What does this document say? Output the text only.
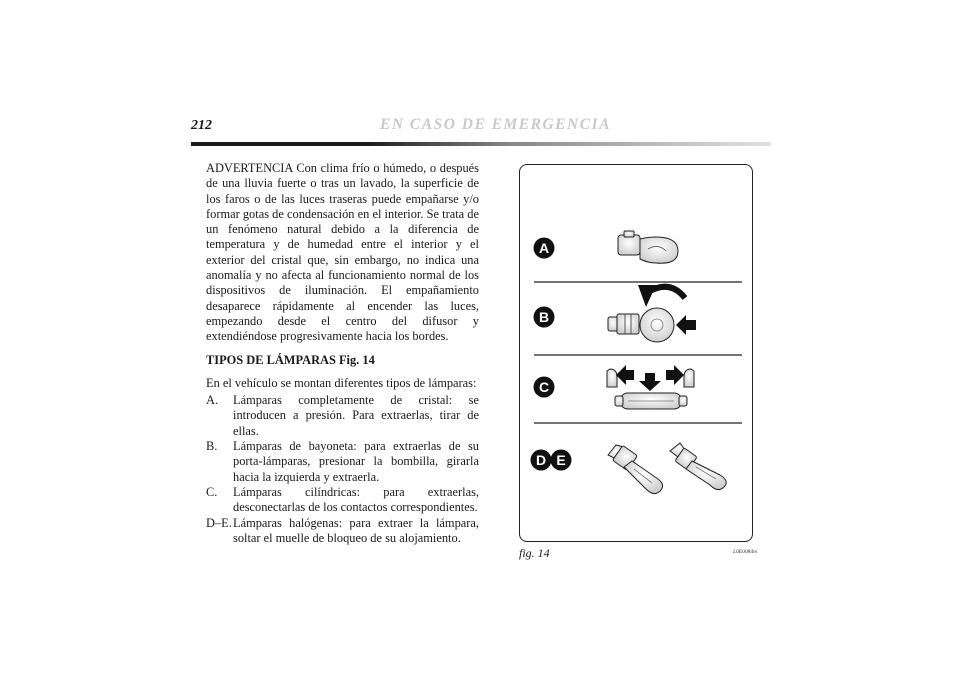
212	EN CASO DE EMERGENCIA

ADVERTENCIA Con clima frío o húmedo, o después de una lluvia fuerte o tras un lavado, la superficie de los faros o de las luces traseras puede empañarse y/o formar gotas de condensación en el interior. Se trata de un fenómeno natural debido a la diferencia de temperatura y de humedad entre el interior y el exterior del cristal que, sin embargo, no indica una anomalía y no afecta al funcionamiento normal de los dispositivos de iluminación. El empañamiento desaparece rápidamente al encender las luces, empezando desde el centro del difusor y extendiéndose progresivamente hacia los bordes.

TIPOS DE LÁMPARAS Fig. 14

En el vehículo se montan diferentes tipos de lámparas:

A.	Lámparas completamente de cristal: se introducen a presión. Para extraerlas, tirar de ellas.
B.	Lámparas de bayoneta: para extraerlas de su porta-lámparas, presionar la bombilla, girarla hacia la izquierda y extraerla.
C.	Lámparas cilíndricas: para extraerlas, desconectarlas de los contactos correspondientes.
D–E. Lámparas halógenas: para extraer la lámpara, soltar el muelle de bloqueo de su alojamiento.
A
B
C
D E
fig. 14	L0E0084m
